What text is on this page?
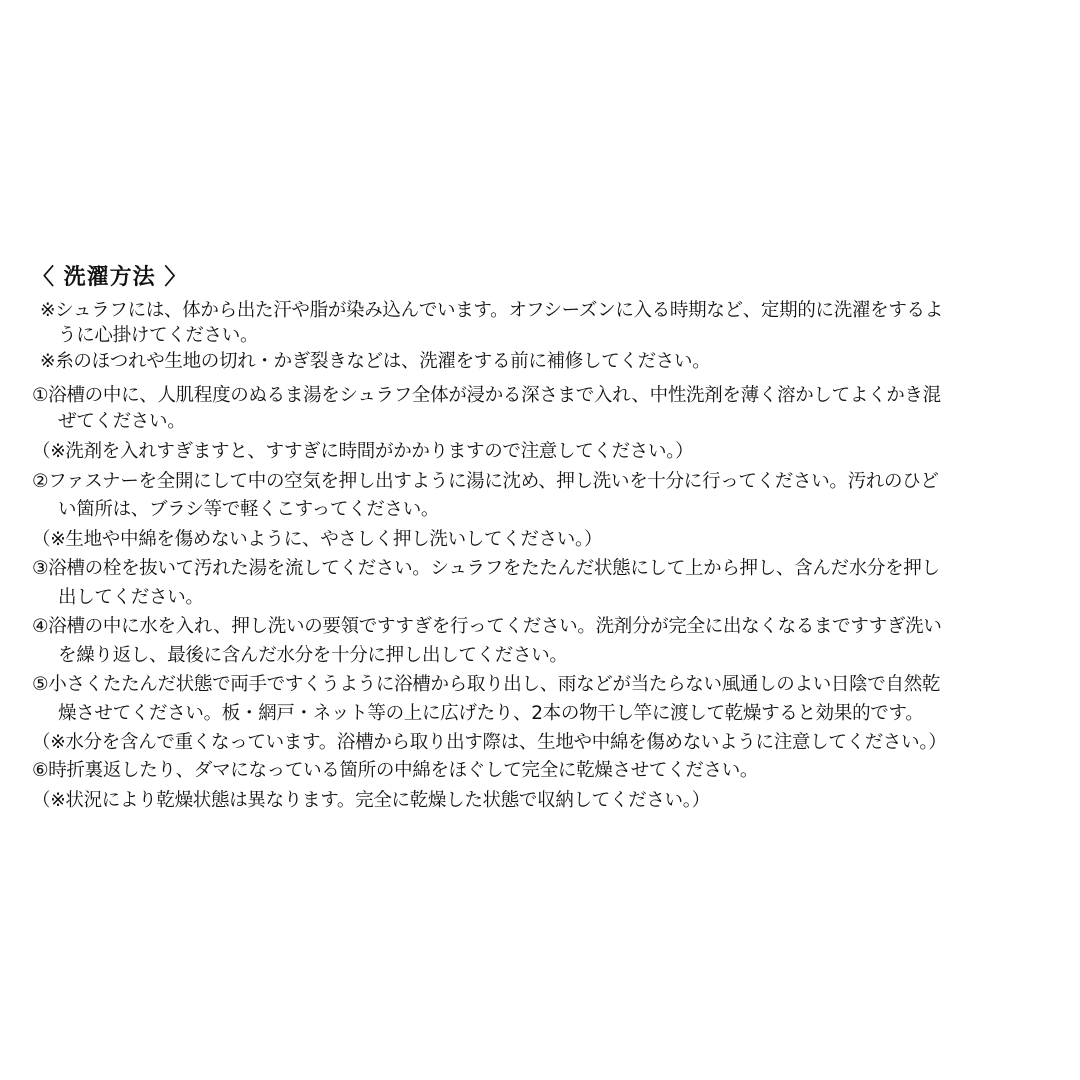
〈 洗濯方法 〉
※シュラフには、体から出た汗や脂が染み込んでいます。オフシーズンに入る時期など、定期的に洗濯をするよ
うに心掛けてください。
※糸のほつれや生地の切れ・かぎ裂きなどは、洗濯をする前に補修してください。
①浴槽の中に、人肌程度のぬるま湯をシュラフ全体が浸かる深さまで入れ、中性洗剤を薄く溶かしてよくかき混
ぜてください。
（※洗剤を入れすぎますと、すすぎに時間がかかりますので注意してください。）
②ファスナーを全開にして中の空気を押し出すように湯に沈め、押し洗いを十分に行ってください。汚れのひど
い箇所は、ブラシ等で軽くこすってください。
（※生地や中綿を傷めないように、やさしく押し洗いしてください。）
③浴槽の栓を抜いて汚れた湯を流してください。シュラフをたたんだ状態にして上から押し、含んだ水分を押し
出してください。
④浴槽の中に水を入れ、押し洗いの要領ですすぎを行ってください。洗剤分が完全に出なくなるまですすぎ洗い
を繰り返し、最後に含んだ水分を十分に押し出してください。
⑤小さくたたんだ状態で両手ですくうように浴槽から取り出し、雨などが当たらない風通しのよい日陰で自然乾
燥させてください。板・網戸・ネット等の上に広げたり、2本の物干し竿に渡して乾燥すると効果的です。
（※水分を含んで重くなっています。浴槽から取り出す際は、生地や中綿を傷めないように注意してください。）
⑥時折裏返したり、ダマになっている箇所の中綿をほぐして完全に乾燥させてください。
（※状況により乾燥状態は異なります。完全に乾燥した状態で収納してください。）
